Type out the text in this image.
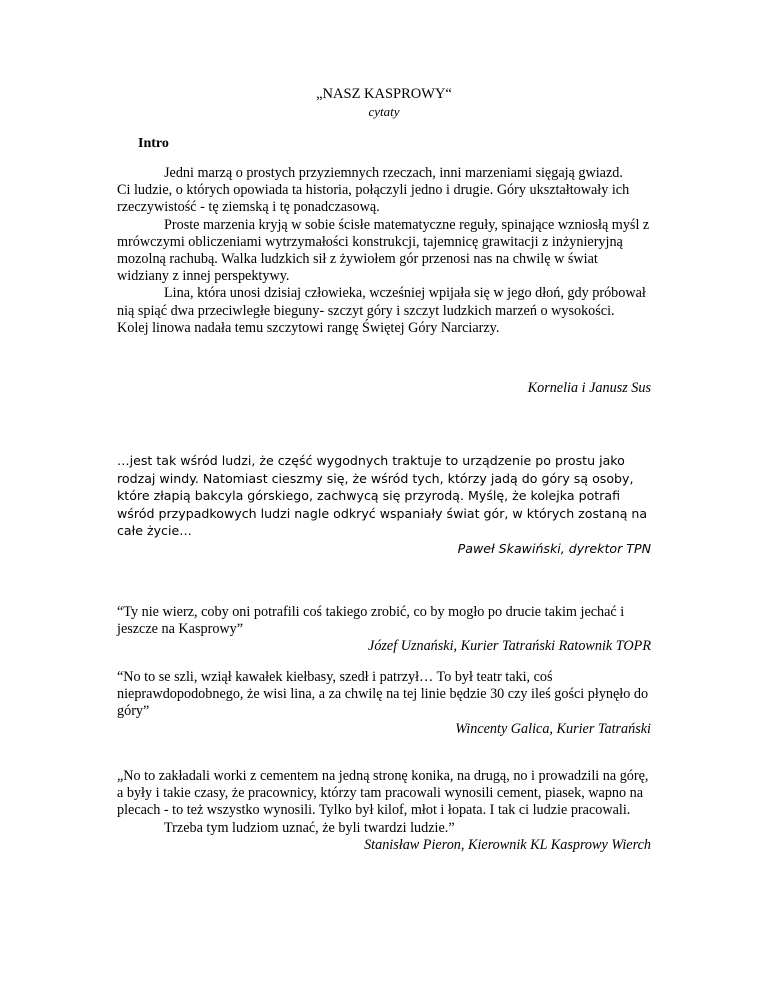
„NASZ KASPROWY“
cytaty
Intro

Jedni marzą o prostych przyziemnych rzeczach, inni marzeniami sięgają gwiazd.

Ci ludzie, o których opowiada ta historia, połączyli jedno i drugie. Góry ukształtowały ich rzeczywistość - tę ziemską i tę ponadczasową.

Proste marzenia kryją w sobie ścisłe matematyczne reguły, spinające wzniosłą myśl z mrówczymi obliczeniami wytrzymałości konstrukcji, tajemnicę grawitacji z inżynieryjną mozolną rachubą. Walka ludzkich sił z żywiołem gór przenosi nas na chwilę w świat widziany z innej perspektywy.

Lina, która unosi dzisiaj człowieka, wcześniej wpijała się w jego dłoń, gdy próbował nią spiąć dwa przeciwległe bieguny- szczyt góry i szczyt ludzkich marzeń o wysokości.

Kolej linowa nadała temu szczytowi rangę Świętej Góry Narciarzy.

Kornelia i Janusz Sus

…jest tak wśród ludzi, że część wygodnych traktuje to urządzenie po prostu jako rodzaj windy. Natomiast cieszmy się, że wśród tych, którzy jadą do góry są osoby, które złapią bakcyla górskiego, zachwycą się przyrodą. Myślę, że kolejka potrafi wśród przypadkowych ludzi nagle odkryć wspaniały świat gór, w których zostaną na całe życie…

Paweł Skawiński, dyrektor TPN

“Ty nie wierz, coby oni potrafili coś takiego zrobić, co by mogło po drucie takim jechać i jeszcze na Kasprowy”

Józef Uznański, Kurier Tatrański Ratownik TOPR

“No to se szli, wziął kawałek kiełbasy, szedł i patrzył… To był teatr taki, coś nieprawdopodobnego, że wisi lina, a za chwilę na tej linie będzie 30 czy ileś gości płynęło do góry”

Wincenty Galica, Kurier Tatrański

„No to zakładali worki z cementem na jedną stronę konika, na drugą, no i prowadzili na górę, a były i takie czasy, że pracownicy, którzy tam pracowali wynosili cement, piasek, wapno na plecach - to też wszystko wynosili. Tylko był kilof, młot i łopata. I tak ci ludzie pracowali.

Trzeba tym ludziom uznać, że byli twardzi ludzie.”

Stanisław Pieron, Kierownik KL Kasprowy Wierch
